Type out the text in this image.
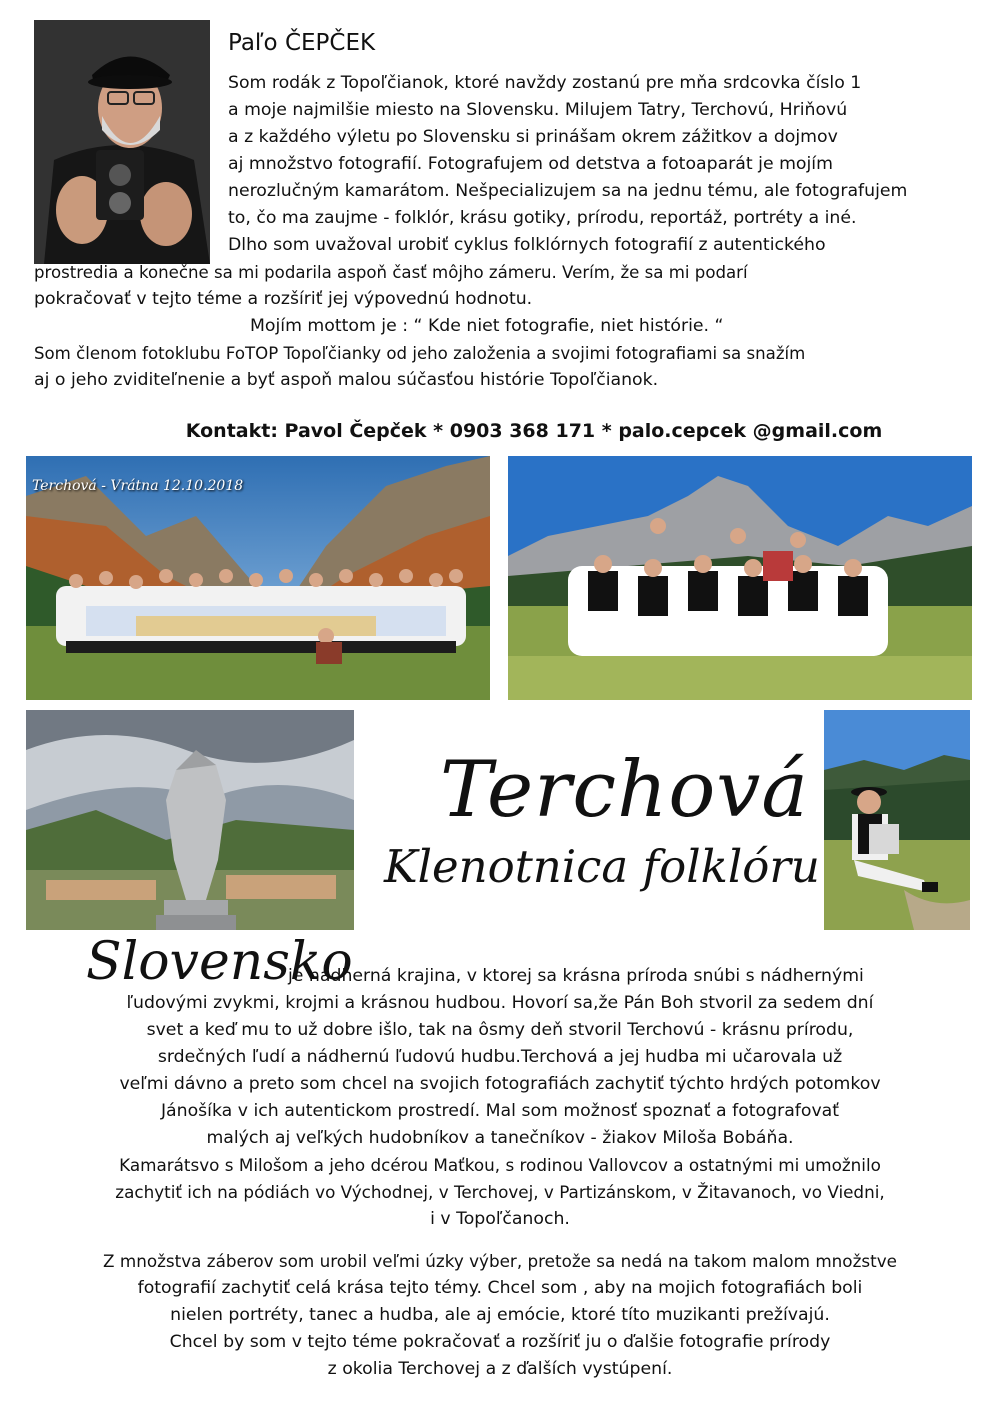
Paľo ČEPČEK
Som rodák z Topoľčianok, ktoré navždy zostanú pre mňa srdcovka číslo 1
a moje najmilšie miesto na Slovensku. Milujem Tatry, Terchovú, Hriňovú
a z každého výletu po Slovensku si prinášam okrem zážitkov a dojmov
aj množstvo fotografií. Fotografujem od detstva a fotoaparát je mojím
nerozlučným kamarátom. Nešpecializujem sa na jednu tému, ale fotografujem
to, čo ma zaujme - folklór, krásu gotiky, prírodu, reportáž, portréty a iné.
Dlho som uvažoval urobiť cyklus folklórnych fotografií z autentického
prostredia a konečne sa mi podarila aspoň časť môjho zámeru. Verím, že sa mi podarí
pokračovať v tejto téme a rozšíriť jej výpovednú hodnotu.
Mojím mottom je : “ Kde niet fotografie, niet histórie. “
Som členom fotoklubu FoTOP Topoľčianky od jeho založenia a svojimi fotografiami sa snažím
aj o jeho zviditeľnenie a byť aspoň malou súčasťou histórie Topoľčianok.
Kontakt: Pavol Čepček * 0903 368 171 * palo.cepcek @gmail.com
Terchová - Vrátna 12.10.2018
Terchová
Klenotnica folklóru
Slovensko
je nádherná krajina, v ktorej sa krásna príroda snúbi s nádhernými
ľudovými zvykmi, krojmi a krásnou hudbou. Hovorí sa,že Pán Boh stvoril za sedem dní
svet a keď mu to už dobre išlo, tak na ôsmy deň stvoril Terchovú - krásnu prírodu,
srdečných ľudí a nádhernú ľudovú hudbu.Terchová a jej hudba mi učarovala už
veľmi dávno a preto som chcel na svojich fotografiách zachytiť týchto hrdých potomkov
Jánošíka v ich autentickom prostredí. Mal som možnosť spoznať a fotografovať
malých aj veľkých hudobníkov a tanečníkov - žiakov Miloša Bobáňa.
Kamarátsvo s Milošom a jeho dcérou Maťkou, s rodinou Vallovcov a ostatnými mi umožnilo
zachytiť ich na pódiách vo Východnej, v Terchovej, v Partizánskom, v Žitavanoch, vo Viedni,
i v Topoľčanoch.
Z množstva záberov som urobil veľmi úzky výber, pretože sa nedá na takom malom množstve
fotografií zachytiť celá krása tejto témy. Chcel som , aby na mojich fotografiách boli
nielen portréty, tanec a hudba, ale aj emócie, ktoré títo muzikanti prežívajú.
Chcel by som v tejto téme pokračovať a rozšíriť ju o ďalšie fotografie prírody
z okolia Terchovej a z ďalších vystúpení.
